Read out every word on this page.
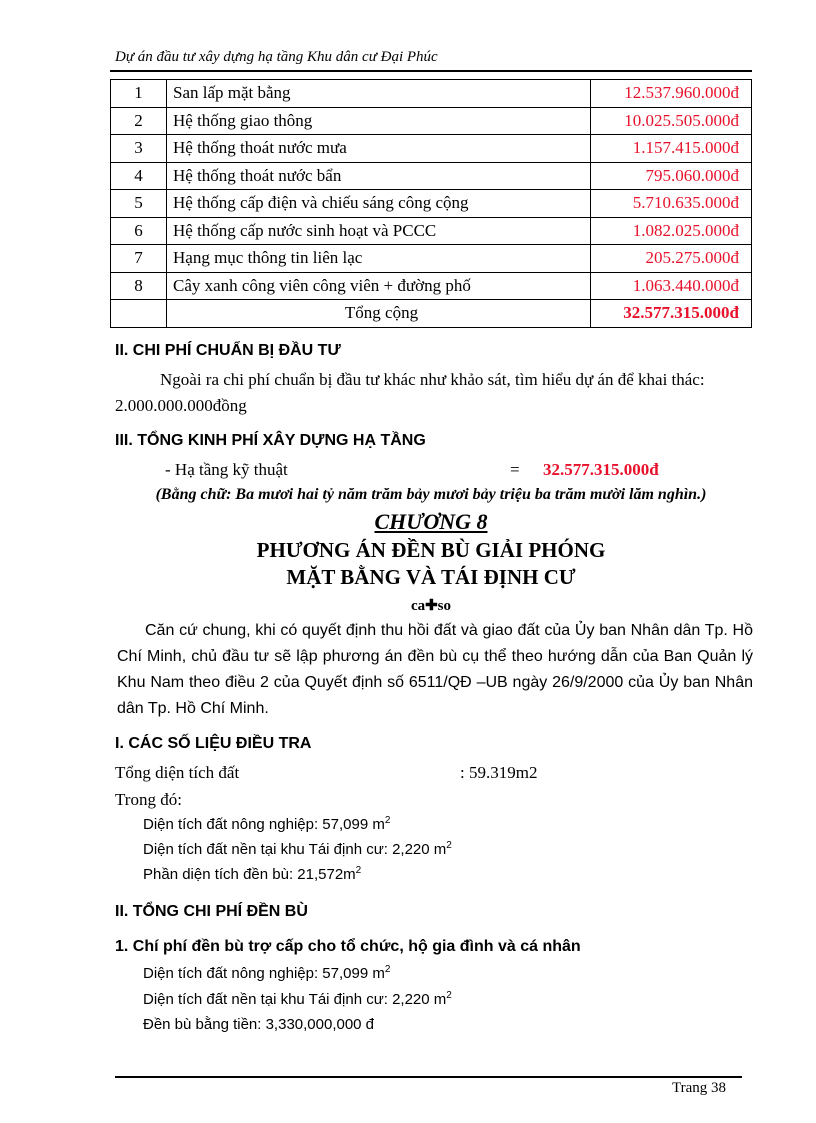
Dự án đầu tư xây dựng hạ tầng Khu dân cư Đại Phúc
1	San lấp mặt bằng	12.537.960.000đ
2	Hệ thống giao thông	10.025.505.000đ
3	Hệ thống thoát nước mưa	1.157.415.000đ
4	Hệ thống thoát nước bẩn	795.060.000đ
5	Hệ thống cấp điện và chiếu sáng công cộng	5.710.635.000đ
6	Hệ thống cấp nước sinh hoạt và PCCC	1.082.025.000đ
7	Hạng mục thông tin liên lạc	205.275.000đ
8	Cây xanh công viên công viên + đường phố	1.063.440.000đ
	Tổng cộng	32.577.315.000đ
II. CHI PHÍ CHUẨN BỊ ĐẦU TƯ
Ngoài ra chi phí chuẩn bị đầu tư khác như khảo sát, tìm hiểu dự án để khai thác:
2.000.000.000đồng
III. TỔNG KINH PHÍ XÂY DỰNG HẠ TẦNG
- Hạ tầng kỹ thuật	= 32.577.315.000đ
(Bằng chữ: Ba mươi hai tỷ năm trăm bảy mươi bảy triệu ba trăm mười lăm nghìn.)
CHƯƠNG 8
PHƯƠNG ÁN ĐỀN BÙ GIẢI PHÓNG
MẶT BẰNG VÀ TÁI ĐỊNH CƯ
ca✚so
Căn cứ chung, khi có quyết định thu hồi đất và giao đất của Ủy ban Nhân dân Tp. Hồ Chí Minh, chủ đầu tư sẽ lập phương án đền bù cụ thể theo hướng dẫn của Ban Quản lý Khu Nam theo điều 2 của Quyết định số 6511/QĐ –UB ngày 26/9/2000 của Ủy ban Nhân dân Tp. Hồ Chí Minh.
I. CÁC SỐ LIỆU ĐIỀU TRA
Tổng diện tích đất	: 59.319m2
Trong đó:
Diện tích đất nông nghiệp: 57,099 $m^2$
Diện tích đất nền tại khu Tái định cư: 2,220 $m^2$
Phần diện tích đền bù: $21,572m^2$
II. TỔNG CHI PHÍ ĐỀN BÙ
1. Chí phí đền bù trợ cấp cho tổ chức, hộ gia đình và cá nhân
Diện tích đất nông nghiệp: 57,099 $m^2$
Diện tích đất nền tại khu Tái định cư: 2,220 $m^2$
Đền bù bằng tiền: 3,330,000,000 đ
Trang 38
